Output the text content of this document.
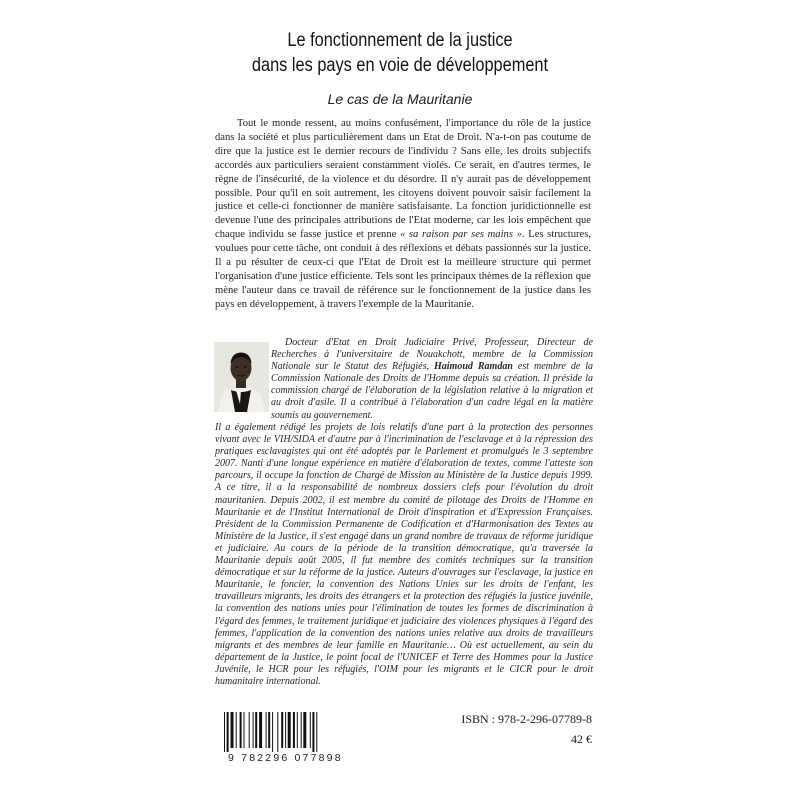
Le fonctionnement de la justice
dans les pays en voie de développement
Le cas de la Mauritanie

Tout le monde ressent, au moins confusément, l'importance du rôle de la justice dans la société et plus particulièrement dans un Etat de Droit. N'a-t-on pas coutume de dire que la justice est le dernier recours de l'individu ? Sans elle, les droits subjectifs accordés aux particuliers seraient constamment violés. Ce serait, en d'autres termes, le règne de l'insécurité, de la violence et du désordre. Il n'y aurait pas de développement possible. Pour qu'il en soit autrement, les citoyens doivent pouvoir saisir facilement la justice et celle-ci fonctionner de manière satisfaisante. La fonction juridictionnelle est devenue l'une des principales attributions de l'Etat moderne, car les lois empêchent que chaque individu se fasse justice et prenne « sa raison par ses mains ». Les structures, voulues pour cette tâche, ont conduit à des réflexions et débats passionnés sur la justice. Il a pu résulter de ceux-ci que l'Etat de Droit est la meilleure structure qui permet l'organisation d'une justice efficiente. Tels sont les principaux thèmes de la réflexion que mène l'auteur dans ce travail de référence sur le fonctionnement de la justice dans les pays en développement, à travers l'exemple de la Mauritanie.

Docteur d'Etat en Droit Judiciaire Privé, Professeur, Directeur de Recherches à l'universitaire de Nouakchott, membre de la Commission Nationale sur le Statut des Réfugiés, Haimoud Ramdan est membre de la Commission Nationale des Droits de l'Homme depuis sa création. Il préside la commission chargé de l'élaboration de la législation relative à la migration et au droit d'asile. Il a contribué à l'élaboration d'un cadre légal en la matière soumis au gouvernement.

Il a également rédigé les projets de lois relatifs d'une part à la protection des personnes vivant avec le VIH/SIDA et d'autre par à l'incrimination de l'esclavage et à la répression des pratiques esclavagistes qui ont été adoptés par le Parlement et promulgués le 3 septembre 2007. Nanti d'une longue expérience en matière d'élaboration de textes, comme l'atteste son parcours, il occupe la fonction de Chargé de Mission au Ministère de la Justice depuis 1999. A ce titre, il a la responsabilité de nombreux dossiers clefs pour l'évolution du droit mauritanien. Depuis 2002, il est membre du comité de pilotage des Droits de l'Homme en Mauritanie et de l'Institut International de Droit d'inspiration et d'Expression Françaises. Président de la Commission Permanente de Codification et d'Harmonisation des Textes au Ministère de la Justice, il s'est engagé dans un grand nombre de travaux de réforme juridique et judiciaire. Au cours de la période de la transition démocratique, qu'a traversée la Mauritanie depuis août 2005, il fut membre des comités techniques sur la transition démocratique et sur la réforme de la justice. Auteurs d'ouvrages sur l'esclavage, la justice en Mauritanie, le foncier, la convention des Nations Unies sur les droits de l'enfant, les travailleurs migrants, les droits des étrangers et la protection des réfugiés la justice juvénile, la convention des nations unies pour l'élimination de toutes les formes de discrimination à l'égard des femmes, le traitement juridique et judiciaire des violences physiques à l'égard des femmes, l'application de la convention des nations unies relative aux droits de travailleurs migrants et des membres de leur famille en Mauritanie… Où est actuellement, au sein du département de la Justice, le point focal de l'UNICEF et Terre des Hommes pour la Justice Juvénile, le HCR pour les réfugiés, l'OIM pour les migrants et le CICR pour le droit humanitaire international.

9 782296 077898
ISBN : 978-2-296-07789-8
42 €
